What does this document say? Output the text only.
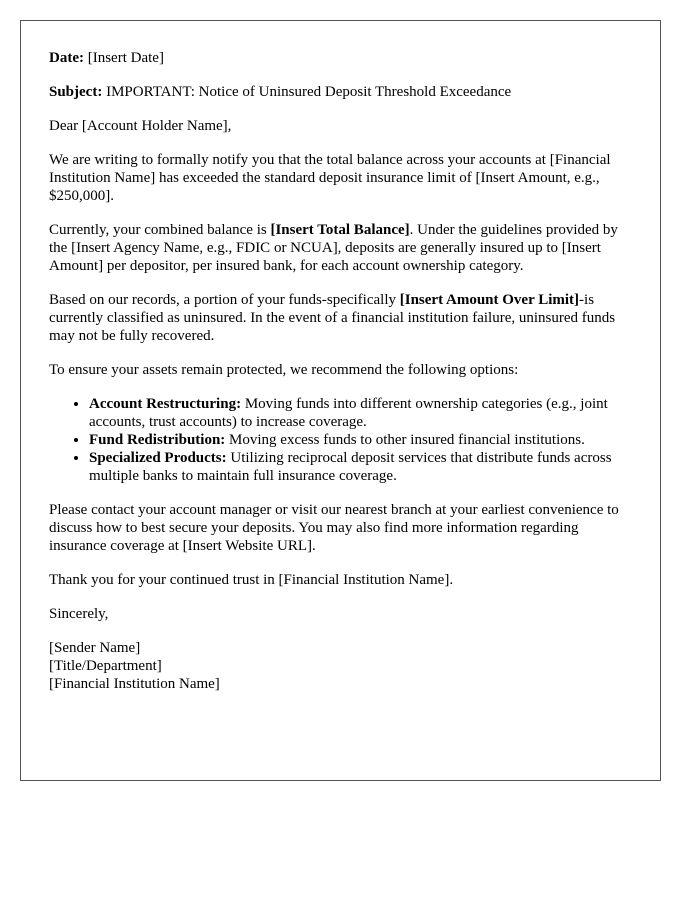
Date: [Insert Date]

Subject: IMPORTANT: Notice of Uninsured Deposit Threshold Exceedance

Dear [Account Holder Name],

We are writing to formally notify you that the total balance across your accounts at [Financial Institution Name] has exceeded the standard deposit insurance limit of [Insert Amount, e.g., $250,000].

Currently, your combined balance is [Insert Total Balance]. Under the guidelines provided by the [Insert Agency Name, e.g., FDIC or NCUA], deposits are generally insured up to [Insert Amount] per depositor, per insured bank, for each account ownership category.

Based on our records, a portion of your funds-specifically [Insert Amount Over Limit]-is currently classified as uninsured. In the event of a financial institution failure, uninsured funds may not be fully recovered.

To ensure your assets remain protected, we recommend the following options:

• Account Restructuring: Moving funds into different ownership categories (e.g., joint accounts, trust accounts) to increase coverage.
• Fund Redistribution: Moving excess funds to other insured financial institutions.
• Specialized Products: Utilizing reciprocal deposit services that distribute funds across multiple banks to maintain full insurance coverage.

Please contact your account manager or visit our nearest branch at your earliest convenience to discuss how to best secure your deposits. You may also find more information regarding insurance coverage at [Insert Website URL].

Thank you for your continued trust in [Financial Institution Name].

Sincerely,

[Sender Name]
[Title/Department]
[Financial Institution Name]
